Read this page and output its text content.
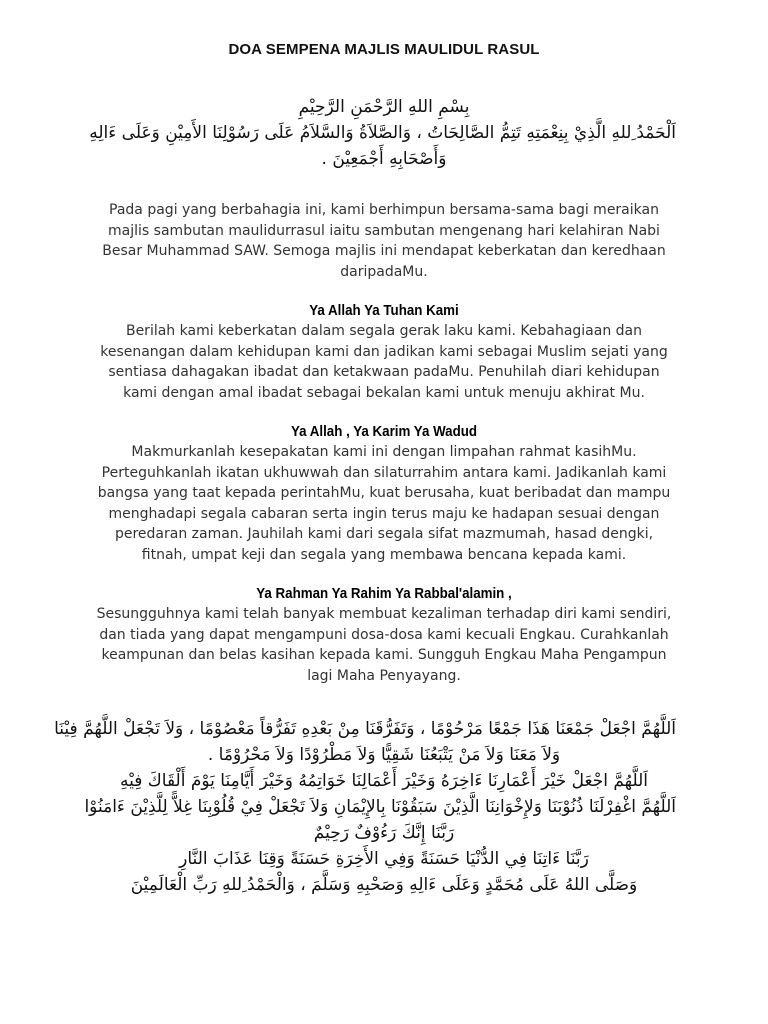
DOA SEMPENA MAJLIS MAULIDUL RASUL
بِسْمِ اللهِ الرَّحْمَنِ الرَّحِيْمِ
اَلْحَمْدُ ِللهِ الَّذِيْ بِنِعْمَتِهِ تَتِمُّ الصَّالِحَاتُ ، وَالصَّلاَةُ وَالسَّلاَمُ عَلَى رَسُوْلِنَا الأَمِيْنِ وَعَلَى ءَالِهِ
وَأَصْحَابِهِ أَجْمَعِيْنَ .

Pada pagi yang berbahagia ini, kami berhimpun bersama-sama bagi meraikan majlis sambutan maulidurrasul iaitu sambutan mengenang hari kelahiran Nabi Besar Muhammad SAW. Semoga majlis ini mendapat keberkatan dan keredhaan daripadaMu.

Ya Allah Ya Tuhan Kami

Berilah kami keberkatan dalam segala gerak laku kami. Kebahagiaan dan kesenangan dalam kehidupan kami dan jadikan kami sebagai Muslim sejati yang sentiasa dahagakan ibadat dan ketakwaan padaMu. Penuhilah diari kehidupan kami dengan amal ibadat sebagai bekalan kami untuk menuju akhirat Mu.

Ya Allah , Ya Karim Ya Wadud

Makmurkanlah kesepakatan kami ini dengan limpahan rahmat kasihMu. Perteguhkanlah ikatan ukhuwwah dan silaturrahim antara kami. Jadikanlah kami bangsa yang taat kepada perintahMu, kuat berusaha, kuat beribadat dan mampu menghadapi segala cabaran serta ingin terus maju ke hadapan sesuai dengan peredaran zaman. Jauhilah kami dari segala sifat mazmumah, hasad dengki, fitnah, umpat keji dan segala yang membawa bencana kepada kami.

Ya Rahman Ya Rahim Ya Rabbal'alamin ,

Sesungguhnya kami telah banyak membuat kezaliman terhadap diri kami sendiri, dan tiada yang dapat mengampuni dosa-dosa kami kecuali Engkau. Curahkanlah keampunan dan belas kasihan kepada kami. Sungguh Engkau Maha Pengampun lagi Maha Penyayang.

اَللَّهُمَّ اجْعَلْ جَمْعَنَا هَذَا جَمْعًا مَرْحُوْمًا ، وَتَفَرُّقَنَا مِنْ بَعْدِهِ تَفَرُّقاً مَعْصُوْمًا ، وَلاَ تَجْعَلْ اللَّهُمَّ فِيْنَا
وَلاَ مَعَنَا وَلاَ مَنْ يَتْبَعُنَا شَقِيًّا وَلاَ مَطْرُوْدًا وَلاَ مَحْرُوْمًا .
اَللَّهُمَّ اجْعَلْ خَيْرَ أَعْمَارِنَا ءَاخِرَهُ وَخَيْرَ أَعْمَالِنَا خَوَاتِمُهُ وَخَيْرَ أَيَّامِنَا يَوْمَ أَلْقَاكَ فِيْهِ
اَللَّهُمَّ اغْفِرْلَنَا ذُنُوْبَنَا وَلإِخْوَانِنَا الَّذِيْنَ سَبَقُوْنَا بِالإِيْمَانِ وَلاَ تَجْعَلْ فِيْ قُلُوْبِنَا غِلاًّ لِلَّذِيْنَ ءَامَنُوْا
رَبَّنَا إِنَّكَ رَءُوْفٌ رَحِيْمٌ
رَبَّنَا ءَاتِنَا فِي الدُّنْيَا حَسَنَةً وَفِي الأَخِرَةِ حَسَنَةً وَقِنَا عَذَابَ النَّارِ
وَصَلَّى اللهُ عَلَى مُحَمَّدٍ وَعَلَى ءَالِهِ وَصَحْبِهِ وَسَلَّمَ ، وَالْحَمْدُ ِللهِ رَبِّ الْعَالَمِيْنَ
